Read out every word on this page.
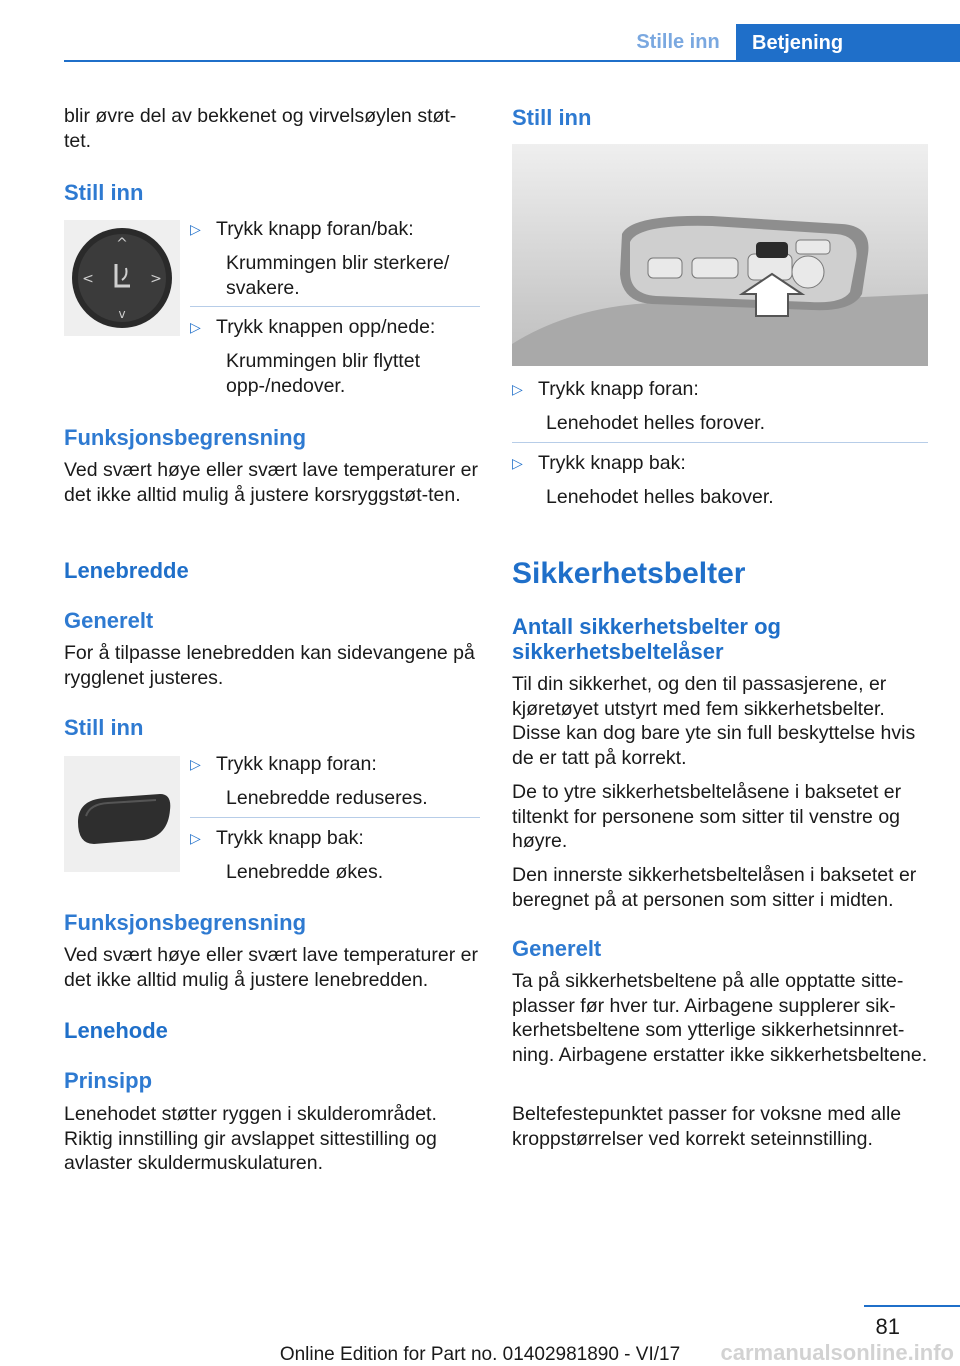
Stille inn	Betjening

blir øvre del av bekkenet og virvelsøylen støt-tet.

Still inn
^
v
<	>
▷ Trykk knapp foran/bak:
Krummingen blir sterkere/ svakere.
▷ Trykk knappen opp/nede:
Krummingen blir flyttet opp-/nedover.
Funksjonsbegrensning

Ved svært høye eller svært lave temperaturer er det ikke alltid mulig å justere korsryggstøt-ten.

Lenebredde
Generelt

For å tilpasse lenebredden kan sidevangene på rygglenet justeres.

Still inn
▷ Trykk knapp foran:
Lenebredde reduseres.
▷ Trykk knapp bak:
Lenebredde økes.
Funksjonsbegrensning

Ved svært høye eller svært lave temperaturer er det ikke alltid mulig å justere lenebredden.

Lenehode
Prinsipp

Lenehodet støtter ryggen i skulderområdet. Riktig innstilling gir avslappet sittestilling og avlaster skuldermuskulaturen.

Still inn
▷ Trykk knapp foran:
Lenehodet helles forover.
▷ Trykk knapp bak:
Lenehodet helles bakover.
Sikkerhetsbelter
Antall sikkerhetsbelter og sikkerhetsbeltelåser

Til din sikkerhet, og den til passasjerene, er kjøretøyet utstyrt med fem sikkerhetsbelter. Disse kan dog bare yte sin full beskyttelse hvis de er tatt på korrekt.

De to ytre sikkerhetsbeltelåsene i baksetet er tiltenkt for personene som sitter til venstre og høyre.

Den innerste sikkerhetsbeltelåsen i baksetet er beregnet på at personen som sitter i midten.

Generelt

Ta på sikkerhetsbeltene på alle opptatte sitte-plasser før hver tur. Airbagene supplerer sik-kerhetsbeltene som ytterlige sikkerhetsinnret-ning. Airbagene erstatter ikke sikkerhetsbeltene.

Beltefestepunktet passer for voksne med alle kroppstørrelser ved korrekt seteinnstilling.

81
Online Edition for Part no. 01402981890 - VI/17	carmanualsonline.info
